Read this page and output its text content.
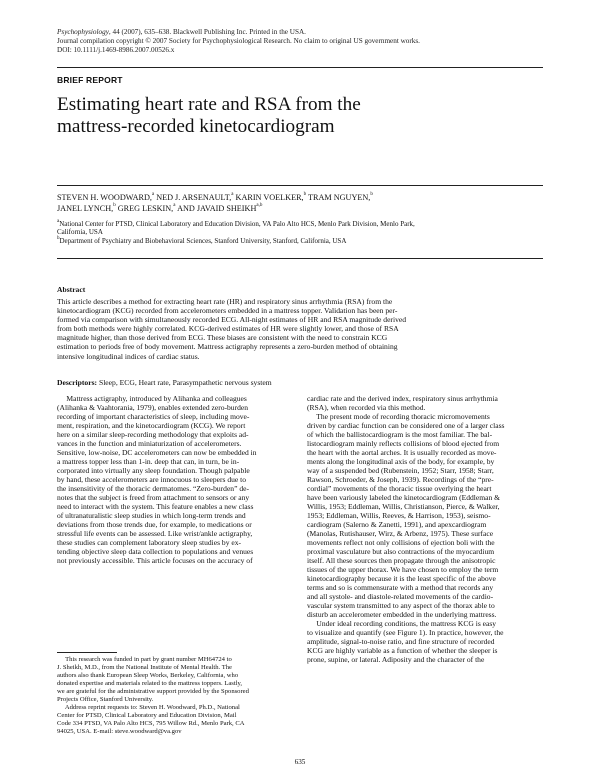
Psychophysiology, 44 (2007), 635–638. Blackwell Publishing Inc. Printed in the USA.
Journal compilation copyright © 2007 Society for Psychophysiological Research. No claim to original US government works.
DOI: 10.1111/j.1469-8986.2007.00526.x
BRIEF REPORT
Estimating heart rate and RSA from the
mattress-recorded kinetocardiogram
STEVEN H. WOODWARD,$^a$ NED J. ARSENAULT,$^a$ KARIN VOELKER,$^b$ TRAM NGUYEN,$^b$
JANEL LYNCH,$^b$ GREG LESKIN,$^a$ AND JAVAID SHEIKH$^{a,b}$
$^a$National Center for PTSD, Clinical Laboratory and Education Division, VA Palo Alto HCS, Menlo Park Division, Menlo Park,
California, USA
$^b$Department of Psychiatry and Biobehavioral Sciences, Stanford University, Stanford, California, USA
Abstract
This article describes a method for extracting heart rate (HR) and respiratory sinus arrhythmia (RSA) from the
kinetocardiogram (KCG) recorded from accelerometers embedded in a mattress topper. Validation has been per-
formed via comparison with simultaneously recorded ECG. All-night estimates of HR and RSA magnitude derived
from both methods were highly correlated. KCG-derived estimates of HR were slightly lower, and those of RSA
magnitude higher, than those derived from ECG. These biases are consistent with the need to constrain KCG
estimation to periods free of body movement. Mattress actigraphy represents a zero-burden method of obtaining
intensive longitudinal indices of cardiac status.
Descriptors: Sleep, ECG, Heart rate, Parasympathetic nervous system
Mattress actigraphy, introduced by Alihanka and colleagues
(Alihanka & Vaahtorania, 1979), enables extended zero-burden
recording of important characteristics of sleep, including move-
ment, respiration, and the kinetocardiogram (KCG). We report
here on a similar sleep-recording methodology that exploits ad-
vances in the function and miniaturization of accelerometers.
Sensitive, low-noise, DC accelerometers can now be embedded in
a mattress topper less than 1-in. deep that can, in turn, be in-
corporated into virtually any sleep foundation. Though palpable
by hand, these accelerometers are innocuous to sleepers due to
the insensitivity of the thoracic dermatomes. “Zero-burden” de-
notes that the subject is freed from attachment to sensors or any
need to interact with the system. This feature enables a new class
of ultranaturalistic sleep studies in which long-term trends and
deviations from those trends due, for example, to medications or
stressful life events can be assessed. Like wrist/ankle actigraphy,
these studies can complement laboratory sleep studies by ex-
tending objective sleep data collection to populations and venues
not previously accessible. This article focuses on the accuracy of
This research was funded in part by grant number MH64724 to
J. Sheikh, M.D., from the National Institute of Mental Health. The
authors also thank European Sleep Works, Berkeley, California, who
donated expertise and materials related to the mattress toppers. Lastly,
we are grateful for the administrative support provided by the Sponsored
Projects Office, Stanford University.
Address reprint requests to: Steven H. Woodward, Ph.D., National
Center for PTSD, Clinical Laboratory and Education Division, Mail
Code 334 PTSD, VA Palo Alto HCS, 795 Willow Rd., Menlo Park, CA
94025, USA. E-mail: steve.woodward@va.gov
cardiac rate and the derived index, respiratory sinus arrhythmia
(RSA), when recorded via this method.
The present mode of recording thoracic micromovements
driven by cardiac function can be considered one of a larger class
of which the ballistocardiogram is the most familiar. The bal-
listocardiogram mainly reflects collisions of blood ejected from
the heart with the aortal arches. It is usually recorded as move-
ments along the longitudinal axis of the body, for example, by
way of a suspended bed (Rubenstein, 1952; Starr, 1958; Starr,
Rawson, Schroeder, & Joseph, 1939). Recordings of the “pre-
cordial” movements of the thoracic tissue overlying the heart
have been variously labeled the kinetocardiogram (Eddleman &
Willis, 1953; Eddleman, Willis, Christianson, Pierce, & Walker,
1953; Eddleman, Willis, Reeves, & Harrison, 1953), seismo-
cardiogram (Salerno & Zanetti, 1991), and apexcardiogram
(Manolas, Rutishauser, Wirz, & Arbenz, 1975). These surface
movements reflect not only collisions of ejection boli with the
proximal vasculature but also contractions of the myocardium
itself. All these sources then propagate through the anisotropic
tissues of the upper thorax. We have chosen to employ the term
kinetocardiography because it is the least specific of the above
terms and so is commensurate with a method that records any
and all systole- and diastole-related movements of the cardio-
vascular system transmitted to any aspect of the thorax able to
disturb an accelerometer embedded in the underlying mattress.
Under ideal recording conditions, the mattress KCG is easy
to visualize and quantify (see Figure 1). In practice, however, the
amplitude, signal-to-noise ratio, and fine structure of recorded
KCG are highly variable as a function of whether the sleeper is
prone, supine, or lateral. Adiposity and the character of the
635
